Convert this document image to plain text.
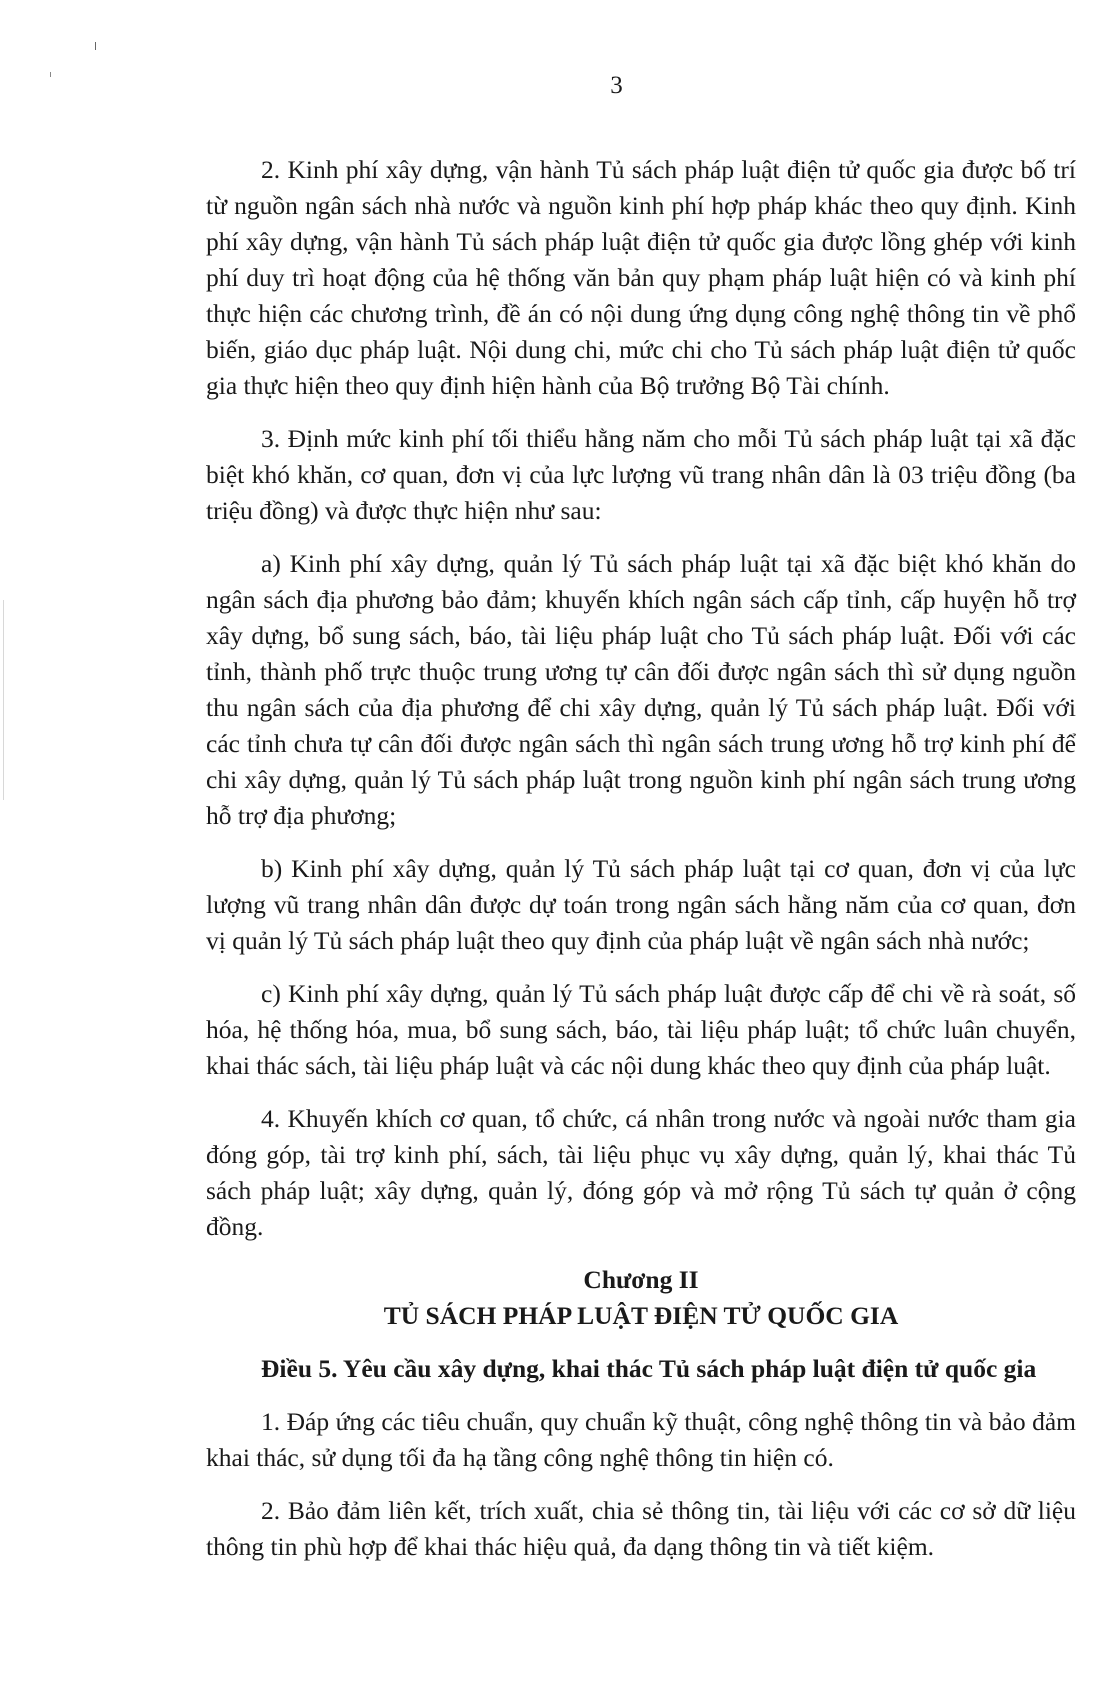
3

2. Kinh phí xây dựng, vận hành Tủ sách pháp luật điện tử quốc gia được bố trí từ nguồn ngân sách nhà nước và nguồn kinh phí hợp pháp khác theo quy định. Kinh phí xây dựng, vận hành Tủ sách pháp luật điện tử quốc gia được lồng ghép với kinh phí duy trì hoạt động của hệ thống văn bản quy phạm pháp luật hiện có và kinh phí thực hiện các chương trình, đề án có nội dung ứng dụng công nghệ thông tin về phổ biến, giáo dục pháp luật. Nội dung chi, mức chi cho Tủ sách pháp luật điện tử quốc gia thực hiện theo quy định hiện hành của Bộ trưởng Bộ Tài chính.

3. Định mức kinh phí tối thiểu hằng năm cho mỗi Tủ sách pháp luật tại xã đặc biệt khó khăn, cơ quan, đơn vị của lực lượng vũ trang nhân dân là 03 triệu đồng (ba triệu đồng) và được thực hiện như sau:

a) Kinh phí xây dựng, quản lý Tủ sách pháp luật tại xã đặc biệt khó khăn do ngân sách địa phương bảo đảm; khuyến khích ngân sách cấp tỉnh, cấp huyện hỗ trợ xây dựng, bổ sung sách, báo, tài liệu pháp luật cho Tủ sách pháp luật. Đối với các tỉnh, thành phố trực thuộc trung ương tự cân đối được ngân sách thì sử dụng nguồn thu ngân sách của địa phương để chi xây dựng, quản lý Tủ sách pháp luật. Đối với các tỉnh chưa tự cân đối được ngân sách thì ngân sách trung ương hỗ trợ kinh phí để chi xây dựng, quản lý Tủ sách pháp luật trong nguồn kinh phí ngân sách trung ương hỗ trợ địa phương;

b) Kinh phí xây dựng, quản lý Tủ sách pháp luật tại cơ quan, đơn vị của lực lượng vũ trang nhân dân được dự toán trong ngân sách hằng năm của cơ quan, đơn vị quản lý Tủ sách pháp luật theo quy định của pháp luật về ngân sách nhà nước;

c) Kinh phí xây dựng, quản lý Tủ sách pháp luật được cấp để chi về rà soát, số hóa, hệ thống hóa, mua, bổ sung sách, báo, tài liệu pháp luật; tổ chức luân chuyển, khai thác sách, tài liệu pháp luật và các nội dung khác theo quy định của pháp luật.

4. Khuyến khích cơ quan, tổ chức, cá nhân trong nước và ngoài nước tham gia đóng góp, tài trợ kinh phí, sách, tài liệu phục vụ xây dựng, quản lý, khai thác Tủ sách pháp luật; xây dựng, quản lý, đóng góp và mở rộng Tủ sách tự quản ở cộng đồng.

Chương II
TỦ SÁCH PHÁP LUẬT ĐIỆN TỬ QUỐC GIA
Điều 5. Yêu cầu xây dựng, khai thác Tủ sách pháp luật điện tử quốc gia

1. Đáp ứng các tiêu chuẩn, quy chuẩn kỹ thuật, công nghệ thông tin và bảo đảm khai thác, sử dụng tối đa hạ tầng công nghệ thông tin hiện có.

2. Bảo đảm liên kết, trích xuất, chia sẻ thông tin, tài liệu với các cơ sở dữ liệu thông tin phù hợp để khai thác hiệu quả, đa dạng thông tin và tiết kiệm.
